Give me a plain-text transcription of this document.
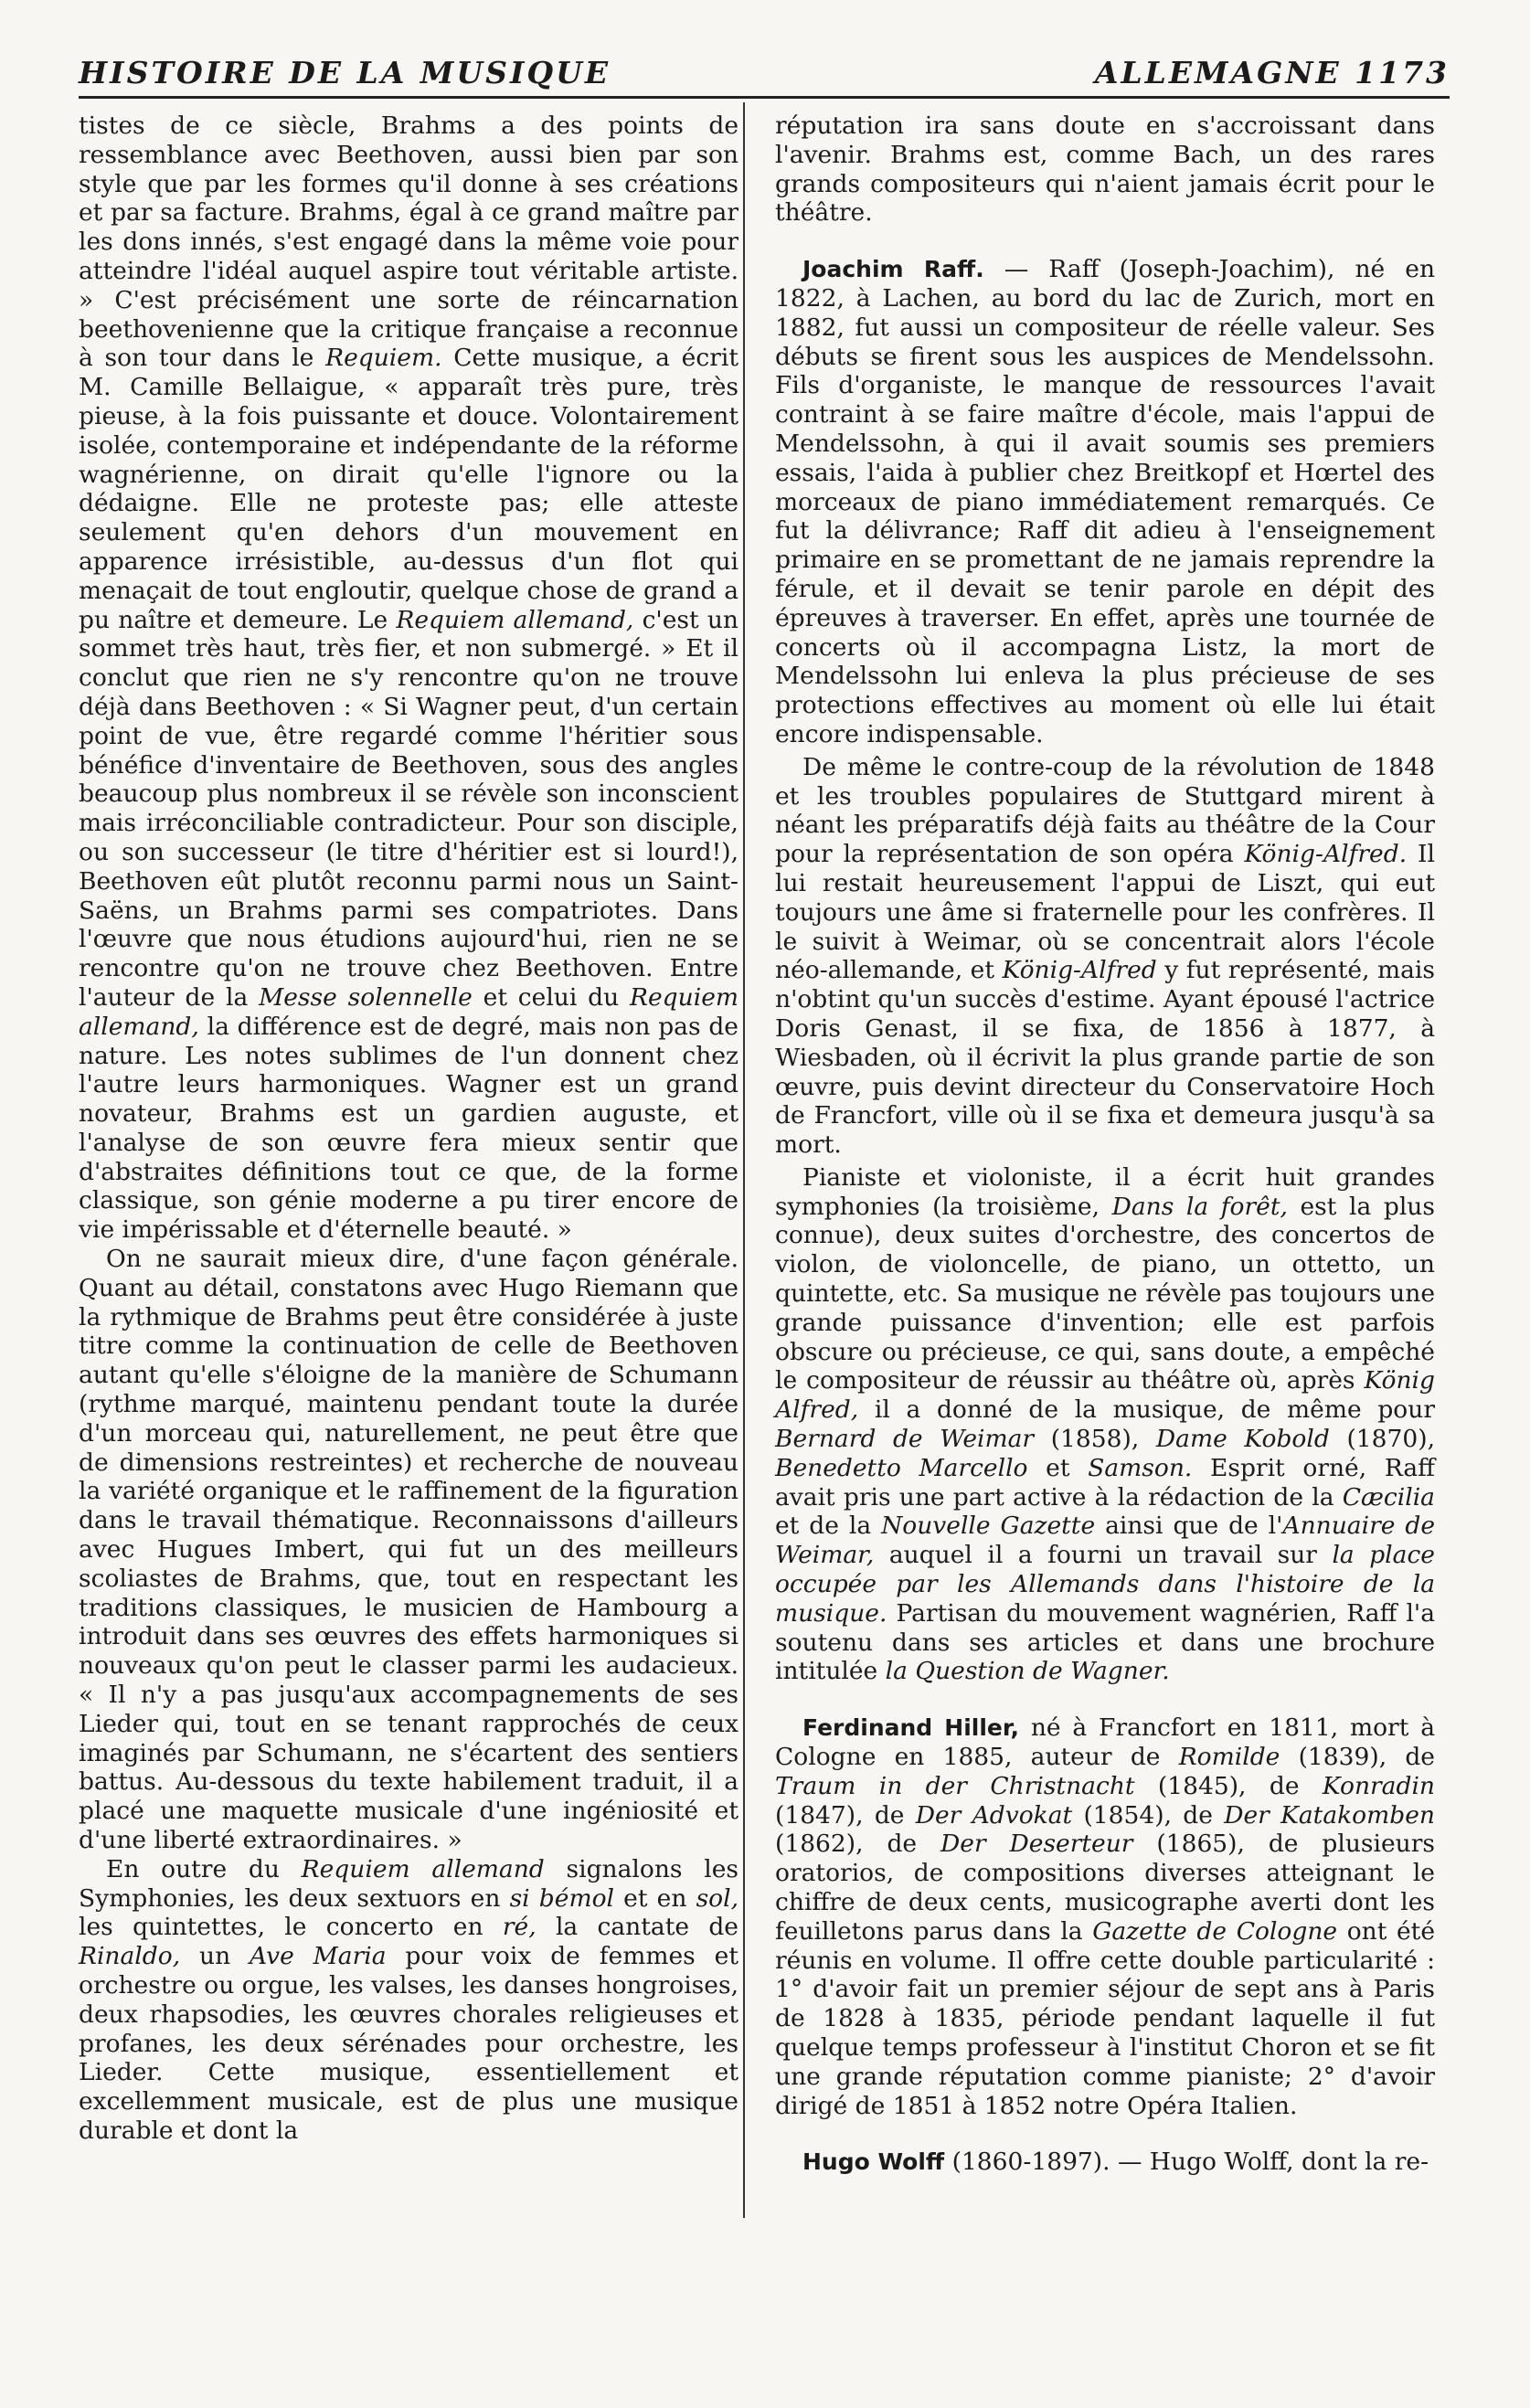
HISTOIRE DE LA MUSIQUE	ALLEMAGNE 1173

tistes de ce siècle, Brahms a des points de ressemblance avec Beethoven, aussi bien par son style que par les formes qu'il donne à ses créations et par sa facture. Brahms, égal à ce grand maître par les dons innés, s'est engagé dans la même voie pour atteindre l'idéal auquel aspire tout véritable artiste. » C'est précisément une sorte de réincarnation beethovenienne que la critique française a reconnue à son tour dans le Requiem. Cette musique, a écrit M. Camille Bellaigue, « apparaît très pure, très pieuse, à la fois puissante et douce. Volontairement isolée, contemporaine et indépendante de la réforme wagnérienne, on dirait qu'elle l'ignore ou la dédaigne. Elle ne proteste pas; elle atteste seulement qu'en dehors d'un mouvement en apparence irrésistible, au-dessus d'un flot qui menaçait de tout engloutir, quelque chose de grand a pu naître et demeure. Le Requiem allemand, c'est un sommet très haut, très fier, et non submergé. » Et il conclut que rien ne s'y rencontre qu'on ne trouve déjà dans Beethoven : « Si Wagner peut, d'un certain point de vue, être regardé comme l'héritier sous bénéfice d'inventaire de Beethoven, sous des angles beaucoup plus nombreux il se révèle son inconscient mais irréconciliable contradicteur. Pour son disciple, ou son successeur (le titre d'héritier est si lourd!), Beethoven eût plutôt reconnu parmi nous un Saint-Saëns, un Brahms parmi ses compatriotes. Dans l'œuvre que nous étudions aujourd'hui, rien ne se rencontre qu'on ne trouve chez Beethoven. Entre l'auteur de la Messe solennelle et celui du Requiem allemand, la différence est de degré, mais non pas de nature. Les notes sublimes de l'un donnent chez l'autre leurs harmoniques. Wagner est un grand novateur, Brahms est un gardien auguste, et l'analyse de son œuvre fera mieux sentir que d'abstraites définitions tout ce que, de la forme classique, son génie moderne a pu tirer encore de vie impérissable et d'éternelle beauté. »

On ne saurait mieux dire, d'une façon générale. Quant au détail, constatons avec Hugo Riemann que la rythmique de Brahms peut être considérée à juste titre comme la continuation de celle de Beethoven autant qu'elle s'éloigne de la manière de Schumann (rythme marqué, maintenu pendant toute la durée d'un morceau qui, naturellement, ne peut être que de dimensions restreintes) et recherche de nouveau la variété organique et le raffinement de la figuration dans le travail thématique. Reconnaissons d'ailleurs avec Hugues Imbert, qui fut un des meilleurs scoliastes de Brahms, que, tout en respectant les traditions classiques, le musicien de Hambourg a introduit dans ses œuvres des effets harmoniques si nouveaux qu'on peut le classer parmi les audacieux. « Il n'y a pas jusqu'aux accompagnements de ses Lieder qui, tout en se tenant rapprochés de ceux imaginés par Schumann, ne s'écartent des sentiers battus. Au-dessous du texte habilement traduit, il a placé une maquette musicale d'une ingéniosité et d'une liberté extraordinaires. »

En outre du Requiem allemand signalons les Symphonies, les deux sextuors en si bémol et en sol, les quintettes, le concerto en ré, la cantate de Rinaldo, un Ave Maria pour voix de femmes et orchestre ou orgue, les valses, les danses hongroises, deux rhapsodies, les œuvres chorales religieuses et profanes, les deux sérénades pour orchestre, les Lieder. Cette musique, essentiellement et excellemment musicale, est de plus une musique durable et dont la

réputation ira sans doute en s'accroissant dans l'avenir. Brahms est, comme Bach, un des rares grands compositeurs qui n'aient jamais écrit pour le théâtre.

Joachim Raff. — Raff (Joseph-Joachim), né en 1822, à Lachen, au bord du lac de Zurich, mort en 1882, fut aussi un compositeur de réelle valeur. Ses débuts se firent sous les auspices de Mendelssohn. Fils d'organiste, le manque de ressources l'avait contraint à se faire maître d'école, mais l'appui de Mendelssohn, à qui il avait soumis ses premiers essais, l'aida à publier chez Breitkopf et Hœrtel des morceaux de piano immédiatement remarqués. Ce fut la délivrance; Raff dit adieu à l'enseignement primaire en se promettant de ne jamais reprendre la férule, et il devait se tenir parole en dépit des épreuves à traverser. En effet, après une tournée de concerts où il accompagna Listz, la mort de Mendelssohn lui enleva la plus précieuse de ses protections effectives au moment où elle lui était encore indispensable.

De même le contre-coup de la révolution de 1848 et les troubles populaires de Stuttgard mirent à néant les préparatifs déjà faits au théâtre de la Cour pour la représentation de son opéra König-Alfred. Il lui restait heureusement l'appui de Liszt, qui eut toujours une âme si fraternelle pour les confrères. Il le suivit à Weimar, où se concentrait alors l'école néo-allemande, et König-Alfred y fut représenté, mais n'obtint qu'un succès d'estime. Ayant épousé l'actrice Doris Genast, il se fixa, de 1856 à 1877, à Wiesbaden, où il écrivit la plus grande partie de son œuvre, puis devint directeur du Conservatoire Hoch de Francfort, ville où il se fixa et demeura jusqu'à sa mort.

Pianiste et violoniste, il a écrit huit grandes symphonies (la troisième, Dans la forêt, est la plus connue), deux suites d'orchestre, des concertos de violon, de violoncelle, de piano, un ottetto, un quintette, etc. Sa musique ne révèle pas toujours une grande puissance d'invention; elle est parfois obscure ou précieuse, ce qui, sans doute, a empêché le compositeur de réussir au théâtre où, après König Alfred, il a donné de la musique, de même pour Bernard de Weimar (1858), Dame Kobold (1870), Benedetto Marcello et Samson. Esprit orné, Raff avait pris une part active à la rédaction de la Cæcilia et de la Nouvelle Gazette ainsi que de l'Annuaire de Weimar, auquel il a fourni un travail sur la place occupée par les Allemands dans l'histoire de la musique. Partisan du mouvement wagnérien, Raff l'a soutenu dans ses articles et dans une brochure intitulée la Question de Wagner.

Ferdinand Hiller, né à Francfort en 1811, mort à Cologne en 1885, auteur de Romilde (1839), de Traum in der Christnacht (1845), de Konradin (1847), de Der Advokat (1854), de Der Katakomben (1862), de Der Deserteur (1865), de plusieurs oratorios, de compositions diverses atteignant le chiffre de deux cents, musicographe averti dont les feuilletons parus dans la Gazette de Cologne ont été réunis en volume. Il offre cette double particularité : 1° d'avoir fait un premier séjour de sept ans à Paris de 1828 à 1835, période pendant laquelle il fut quelque temps professeur à l'institut Choron et se fit une grande réputation comme pianiste; 2° d'avoir dirigé de 1851 à 1852 notre Opéra Italien.

Hugo Wolff (1860-1897). — Hugo Wolff, dont la re-
